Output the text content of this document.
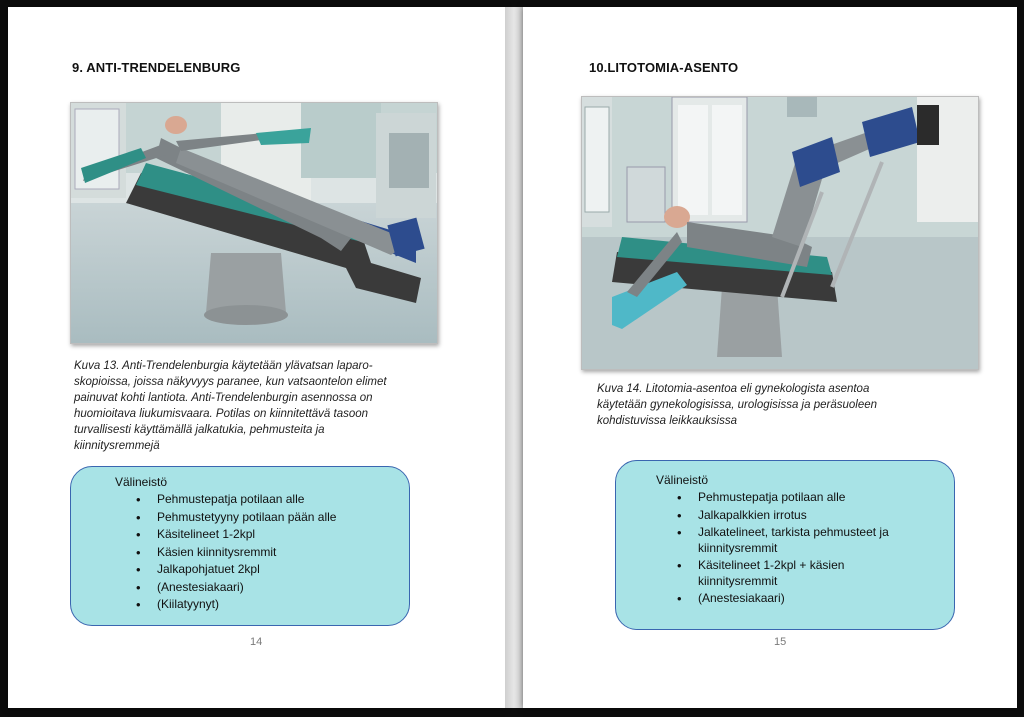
9. ANTI-TRENDELENBURG
Kuva 13. Anti-Trendelenburgia käytetään ylävatsan laparo-
skopioissa, joissa näkyvyys paranee, kun vatsaontelon elimet
painuvat kohti lantiota. Anti-Trendelenburgin asennossa on
huomioitava liukumisvaara. Potilas on kiinnitettävä tasoon
turvallisesti käyttämällä jalkatukia, pehmusteita ja
kiinnitysremmejä
Välineistö
• Pehmustepatja potilaan alle
• Pehmustetyyny potilaan pään alle
• Käsitelineet 1-2kpl
• Käsien kiinnitysremmit
• Jalkapohjatuet 2kpl
• (Anestesiakaari)
• (Kiilatyynyt)
14
10.LITOTOMIA-ASENTO
Kuva 14. Litotomia-asentoa eli gynekologista asentoa
käytetään gynekologisissa, urologisissa ja peräsuoleen
kohdistuvissa leikkauksissa
Välineistö
• Pehmustepatja potilaan alle
• Jalkapalkkien irrotus
• Jalkatelineet, tarkista pehmusteet ja
kiinnitysremmit
• Käsitelineet 1-2kpl + käsien
kiinnitysremmit
• (Anestesiakaari)
15
